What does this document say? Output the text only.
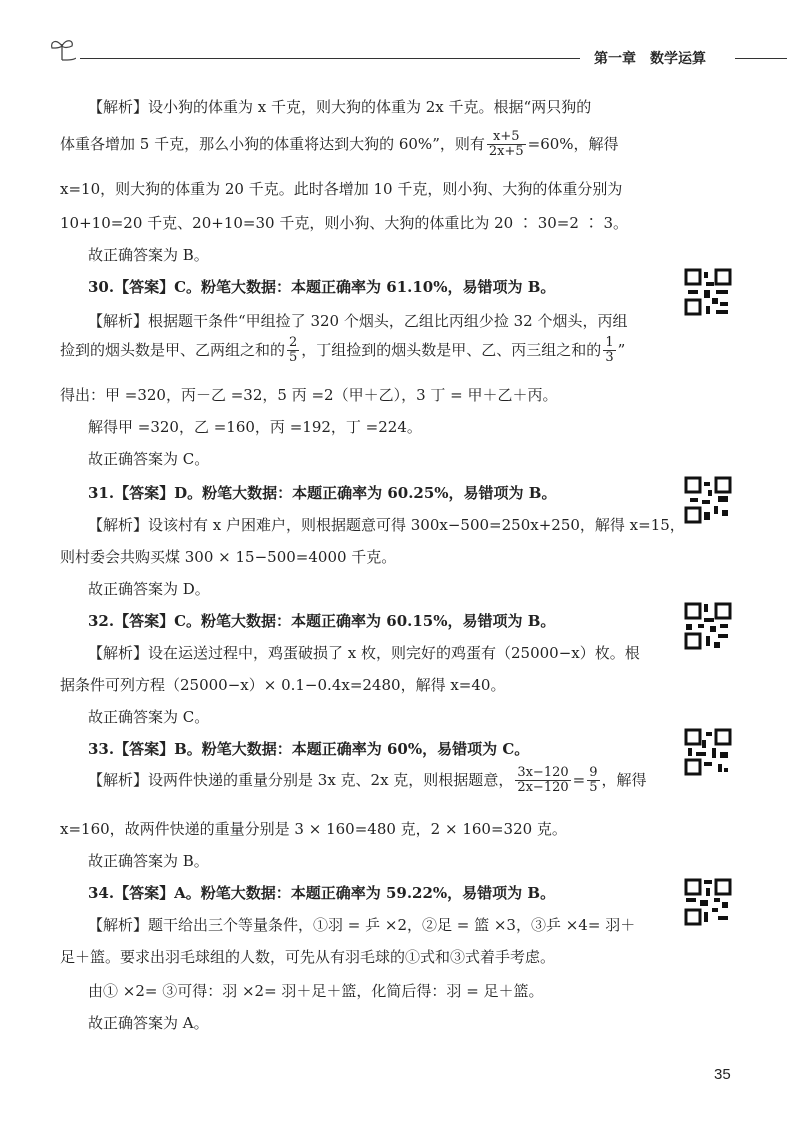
第一章　数学运算
【解析】设小狗的体重为 x 千克，则大狗的体重为 2x 千克。根据“两只狗的
体重各增加 5 千克，那么小狗的体重将达到大狗的 60%”，则有 $\frac{x+5}{2x+5} =60\%$，解得
x=10，则大狗的体重为 20 千克。此时各增加 10 千克，则小狗、大狗的体重分别为
10+10=20 千克、20+10=30 千克，则小狗、大狗的体重比为 20 ∶ 30=2 ∶ 3。
故正确答案为 B。
30.【答案】C。粉笔大数据：本题正确率为 61.10%，易错项为 B。
【解析】根据题干条件“甲组捡了 320 个烟头，乙组比丙组少捡 32 个烟头，丙组
捡到的烟头数是甲、乙两组之和的 $\frac{2}{5}$ ，丁组捡到的烟头数是甲、乙、丙三组之和的 $\frac{1}{3}$ ”
得出：甲 =320，丙－乙 =32，5 丙 =2（甲＋乙），3 丁 = 甲＋乙＋丙。
解得甲 =320，乙 =160，丙 =192，丁 =224。
故正确答案为 C。
31.【答案】D。粉笔大数据：本题正确率为 60.25%，易错项为 B。
【解析】设该村有 x 户困难户，则根据题意可得 300x−500=250x+250，解得 x=15，
则村委会共购买煤 300 × 15−500=4000 千克。
故正确答案为 D。
32.【答案】C。粉笔大数据：本题正确率为 60.15%，易错项为 B。
【解析】设在运送过程中，鸡蛋破损了 x 枚，则完好的鸡蛋有（25000−x）枚。根
据条件可列方程（25000−x）× 0.1−0.4x=2480，解得 x=40。
故正确答案为 C。
33.【答案】B。粉笔大数据：本题正确率为 60%，易错项为 C。
【解析】设两件快递的重量分别是 3x 克、2x 克，则根据题意， $\frac{3x-120}{2x-120} = \frac{9}{5}$ ，解得
x=160，故两件快递的重量分别是 3 × 160=480 克，2 × 160=320 克。
故正确答案为 B。
34.【答案】A。粉笔大数据：本题正确率为 59.22%，易错项为 B。
【解析】题干给出三个等量条件，①羽 = 乒 ×2，②足 = 篮 ×3，③乒 ×4= 羽＋
足＋篮。要求出羽毛球组的人数，可先从有羽毛球的①式和③式着手考虑。
由① ×2= ③可得：羽 ×2= 羽＋足＋篮，化简后得：羽 = 足＋篮。
故正确答案为 A。
35
